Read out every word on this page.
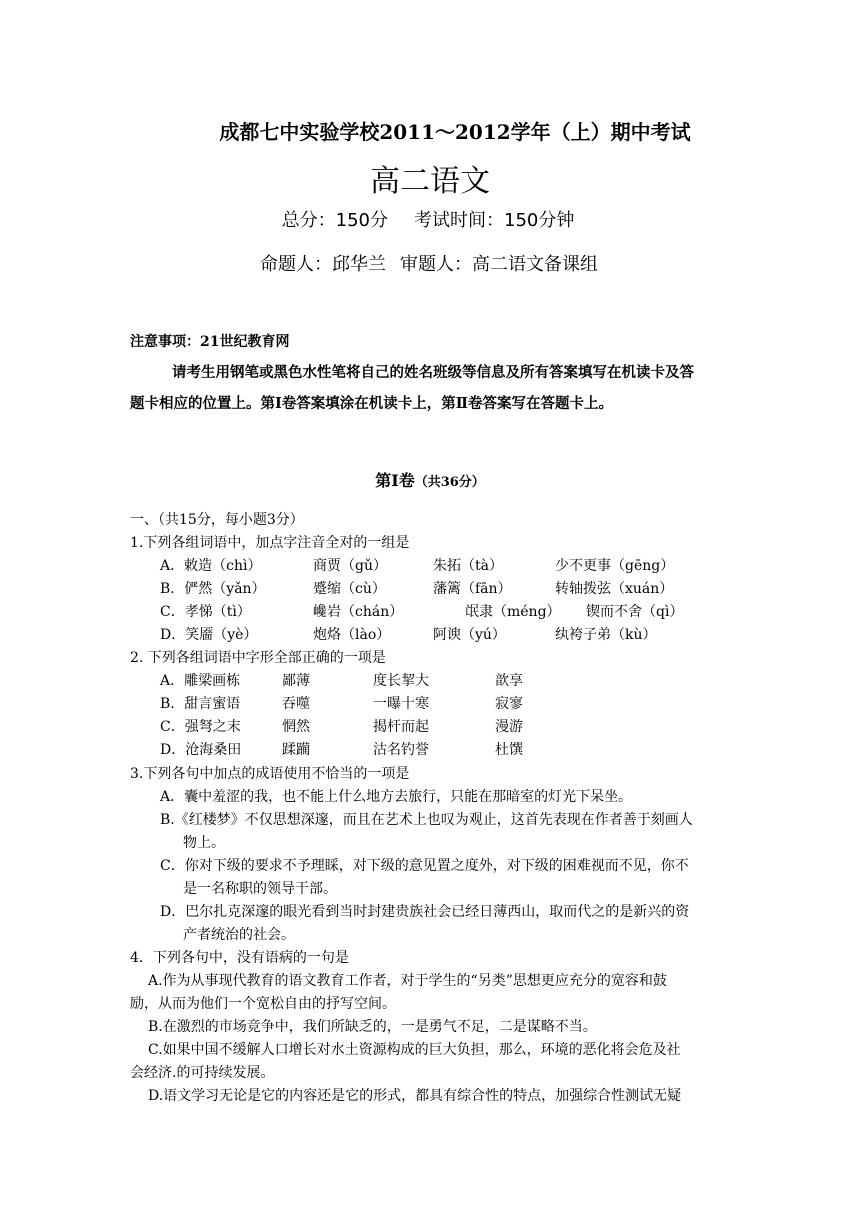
成都七中实验学校2011～2012学年（上）期中考试
高二语文
总分：150分 考试时间：150分钟
命题人：邱华兰 审题人：高二语文备课组
注意事项：21世纪教育网
请考生用钢笔或黑色水性笔将自己的姓名班级等信息及所有答案填写在机读卡及答
题卡相应的位置上。第Ⅰ卷答案填涂在机读卡上，第Ⅱ卷答案写在答题卡上。
第Ⅰ卷（共36分）
一、（共15分，每小题3分）
1.下列各组词语中，加点字注音全对的一组是
A．敕造（chì）	商贾（gǔ）	朱拓（tà）	少不更事（gēng）
B．俨然（yǎn）	蹙缩（cù）	藩篱（fān）	转轴拨弦（xuán）
C．孝悌（tì）	巉岩（chán）	氓隶（méng） 锲而不舍（qì）
D．笑靥（yè）	炮烙（lào）	阿谀（yú）	纨袴子弟（kù）
2. 下列各组词语中字形全部正确的一项是
A．雕梁画栋	鄙薄	度长挈大	歆享
B．甜言蜜语	吞噬	一曝十寒	寂寥
C．强弩之末	惘然	揭杆而起	漫游
D．沧海桑田	蹂躏	沽名钓誉	杜馔
3.下列各句中加点的成语使用不恰当的一项是
A．囊中羞涩的我，也不能上什么地方去旅行，只能在那暗室的灯光下呆坐。
B.《红楼梦》不仅思想深邃，而且在艺术上也叹为观止，这首先表现在作者善于刻画人
物上。
C．你对下级的要求不予理睬，对下级的意见置之度外，对下级的困难视而不见，你不
是一名称职的领导干部。
D．巴尔扎克深邃的眼光看到当时封建贵族社会已经日薄西山，取而代之的是新兴的资
产者统治的社会。
4．下列各句中，没有语病的一句是
A.作为从事现代教育的语文教育工作者，对于学生的“另类”思想更应充分的宽容和鼓
励，从而为他们一个宽松自由的抒写空间。
B.在激烈的市场竞争中，我们所缺乏的，一是勇气不足，二是谋略不当。
C.如果中国不缓解人口增长对水土资源构成的巨大负担，那么，环境的恶化将会危及社
会经济.的可持续发展。
D.语文学习无论是它的内容还是它的形式，都具有综合性的特点，加强综合性测试无疑
